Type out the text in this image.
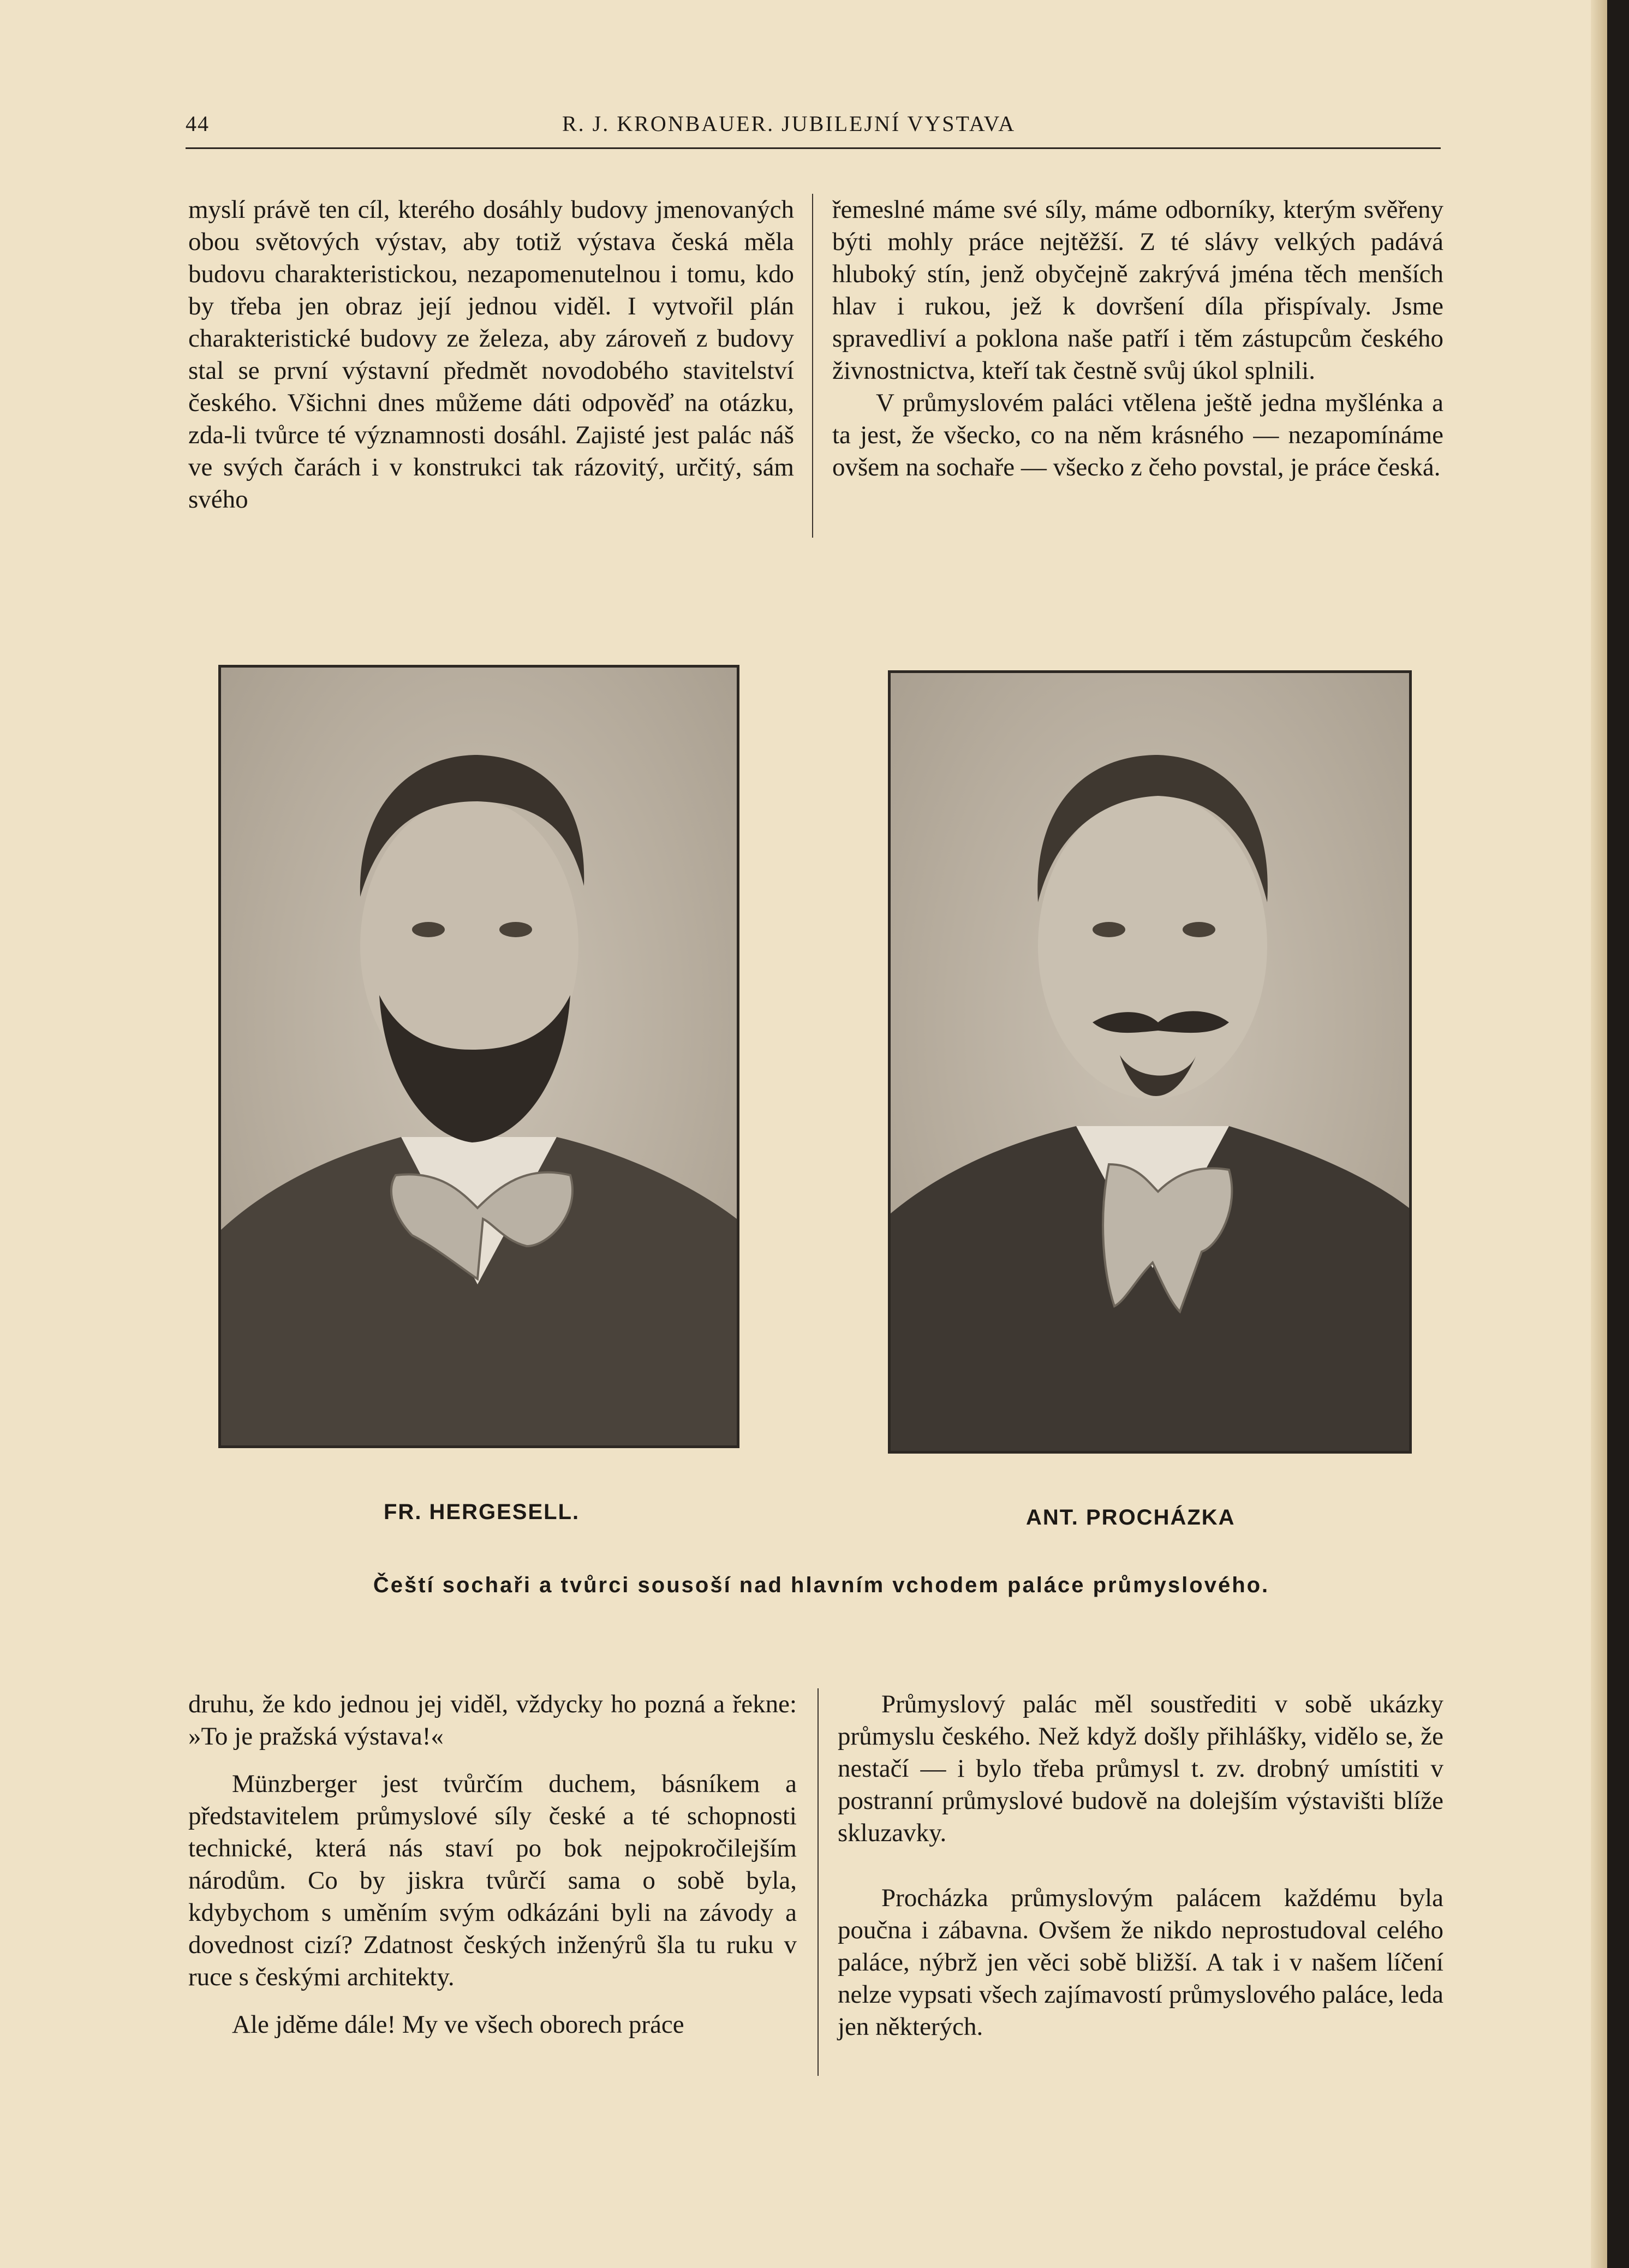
44	R. J. KRONBAUER. JUBILEJNÍ VYSTAVA

myslí právě ten cíl, kterého dosáhly budovy jmenovaných obou světových výstav, aby totiž výstava česká měla budovu charakteristickou, nezapomenutelnou i tomu, kdo by třeba jen obraz její jednou viděl. I vytvořil plán charakteristické budovy ze železa, aby zároveň z budovy stal se první výstavní předmět novodobého stavitelství českého. Všichni dnes můžeme dáti odpověď na otázku, zda-li tvůrce té významnosti dosáhl. Zajisté jest palác náš ve svých čarách i v konstrukci tak rázovitý, určitý, sám svého

řemeslné máme své síly, máme odborníky, kterým svěřeny býti mohly práce nejtěžší. Z té slávy velkých padává hluboký stín, jenž obyčejně zakrývá jména těch menších hlav i rukou, jež k dovršení díla přispívaly. Jsme spravedliví a poklona naše patří i těm zástupcům českého živnostnictva, kteří tak čestně svůj úkol splnili.

V průmyslovém paláci vtělena ještě jedna myšlénka a ta jest, že všecko, co na něm krásného — nezapomínáme ovšem na sochaře — všecko z čeho povstal, je práce česká.

FR. HERGESELL.	ANT. PROCHÁZKA
Čeští sochaři a tvůrci sousoší nad hlavním vchodem paláce průmyslového.

druhu, že kdo jednou jej viděl, vždycky ho pozná a řekne: »To je pražská výstava!«

Münzberger jest tvůrčím duchem, básníkem a představitelem průmyslové síly české a té schopnosti technické, která nás staví po bok nejpokročilejším národům. Co by jiskra tvůrčí sama o sobě byla, kdybychom s uměním svým odkázáni byli na závody a dovednost cizí? Zdatnost českých inženýrů šla tu ruku v ruce s českými architekty.

Ale jděme dále! My ve všech oborech práce

Průmyslový palác měl soustřediti v sobě ukázky průmyslu českého. Než když došly přihlášky, vidělo se, že nestačí — i bylo třeba průmysl t. zv. drobný umístiti v postranní průmyslové budově na dolejším výstavišti blíže skluzavky.

Procházka průmyslovým palácem každému byla poučna i zábavna. Ovšem že nikdo neprostudoval celého paláce, nýbrž jen věci sobě bližší. A tak i v našem líčení nelze vypsati všech zajímavostí průmyslového paláce, leda jen některých.
